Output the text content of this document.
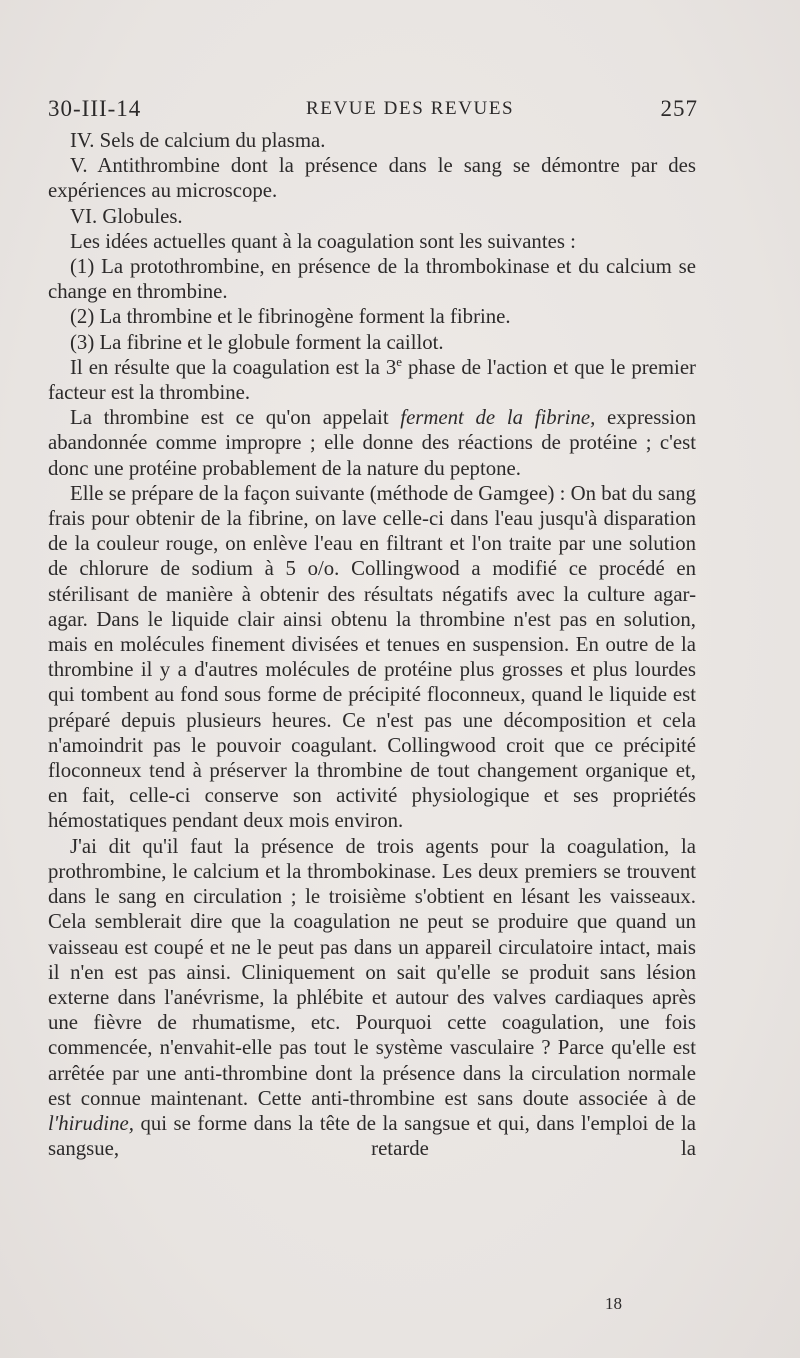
30-III-14	REVUE DES REVUES	257

IV. Sels de calcium du plasma.

V. Antithrombine dont la présence dans le sang se démontre par des expériences au microscope.

VI. Globules.

Les idées actuelles quant à la coagulation sont les suivantes :

(1) La protothrombine, en présence de la thrombokinase et du calcium se change en thrombine.

(2) La thrombine et le fibrinogène forment la fibrine.

(3) La fibrine et le globule forment la caillot.

Il en résulte que la coagulation est la 3e phase de l'action et que le premier facteur est la thrombine.

La thrombine est ce qu'on appelait ferment de la fibrine, expression abandonnée comme impropre ; elle donne des réactions de protéine ; c'est donc une protéine probablement de la nature du peptone.

Elle se prépare de la façon suivante (méthode de Gamgee) : On bat du sang frais pour obtenir de la fibrine, on lave celle-ci dans l'eau jusqu'à disparation de la couleur rouge, on enlève l'eau en filtrant et l'on traite par une solution de chlorure de sodium à 5 o/o. Collingwood a modifié ce procédé en stérilisant de manière à obtenir des résultats négatifs avec la culture agar-agar. Dans le liquide clair ainsi obtenu la thrombine n'est pas en solution, mais en molécules finement divisées et tenues en suspension. En outre de la thrombine il y a d'autres molécules de protéine plus grosses et plus lourdes qui tombent au fond sous forme de précipité floconneux, quand le liquide est préparé depuis plusieurs heures. Ce n'est pas une décomposition et cela n'amoindrit pas le pouvoir coagulant. Collingwood croit que ce précipité floconneux tend à préserver la thrombine de tout changement organique et, en fait, celle-ci conserve son activité physiologique et ses propriétés hémostatiques pendant deux mois environ.

J'ai dit qu'il faut la présence de trois agents pour la coagulation, la prothrombine, le calcium et la thrombokinase. Les deux premiers se trouvent dans le sang en circulation ; le troisième s'obtient en lésant les vaisseaux. Cela semblerait dire que la coagulation ne peut se produire que quand un vaisseau est coupé et ne le peut pas dans un appareil circulatoire intact, mais il n'en est pas ainsi. Cliniquement on sait qu'elle se produit sans lésion externe dans l'anévrisme, la phlébite et autour des valves cardiaques après une fièvre de rhumatisme, etc. Pourquoi cette coagulation, une fois commencée, n'envahit-elle pas tout le système vasculaire ? Parce qu'elle est arrêtée par une anti-thrombine dont la présence dans la circulation normale est connue maintenant. Cette anti-thrombine est sans doute associée à de l'hirudine, qui se forme dans la tête de la sangsue et qui, dans l'emploi de la sangsue, retarde la

18
